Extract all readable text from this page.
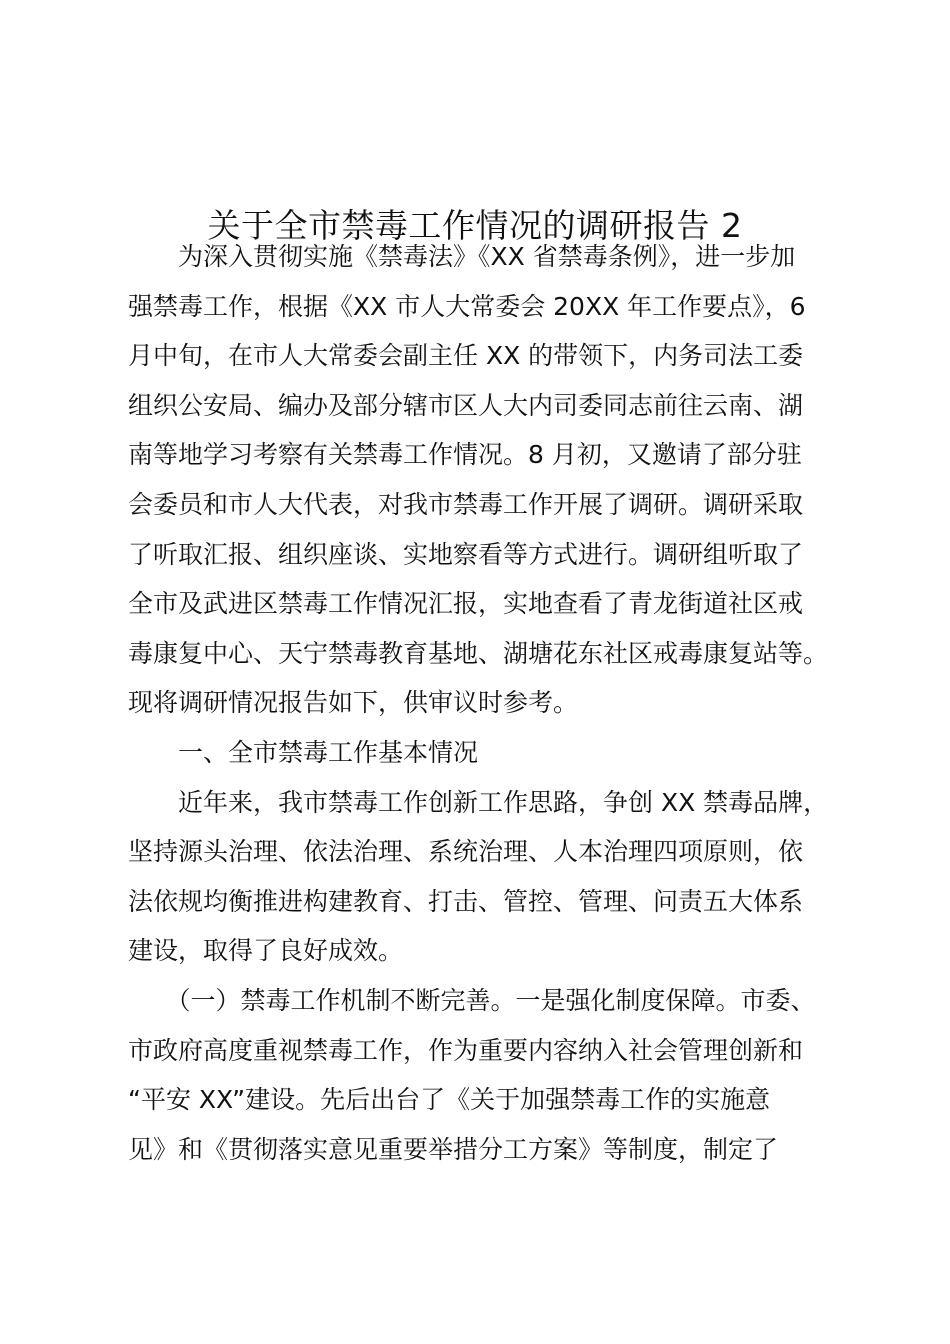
关于全市禁毒工作情况的调研报告 2

　　为深入贯彻实施《禁毒法》《XX 省禁毒条例》，进一步加
强禁毒工作，根据《XX 市人大常委会 20XX 年工作要点》，6
月中旬，在市人大常委会副主任 XX 的带领下，内务司法工委
组织公安局、编办及部分辖市区人大内司委同志前往云南、湖
南等地学习考察有关禁毒工作情况。8 月初，又邀请了部分驻
会委员和市人大代表，对我市禁毒工作开展了调研。调研采取
了听取汇报、组织座谈、实地察看等方式进行。调研组听取了
全市及武进区禁毒工作情况汇报，实地查看了青龙街道社区戒
毒康复中心、天宁禁毒教育基地、湖塘花东社区戒毒康复站等。
现将调研情况报告如下，供审议时参考。

　　一、全市禁毒工作基本情况

　　近年来，我市禁毒工作创新工作思路，争创 XX 禁毒品牌，
坚持源头治理、依法治理、系统治理、人本治理四项原则，依
法依规均衡推进构建教育、打击、管控、管理、问责五大体系
建设，取得了良好成效。

　　（一）禁毒工作机制不断完善。一是强化制度保障。市委、
市政府高度重视禁毒工作，作为重要内容纳入社会管理创新和
“平安 XX”建设。先后出台了《关于加强禁毒工作的实施意
见》和《贯彻落实意见重要举措分工方案》等制度，制定了
